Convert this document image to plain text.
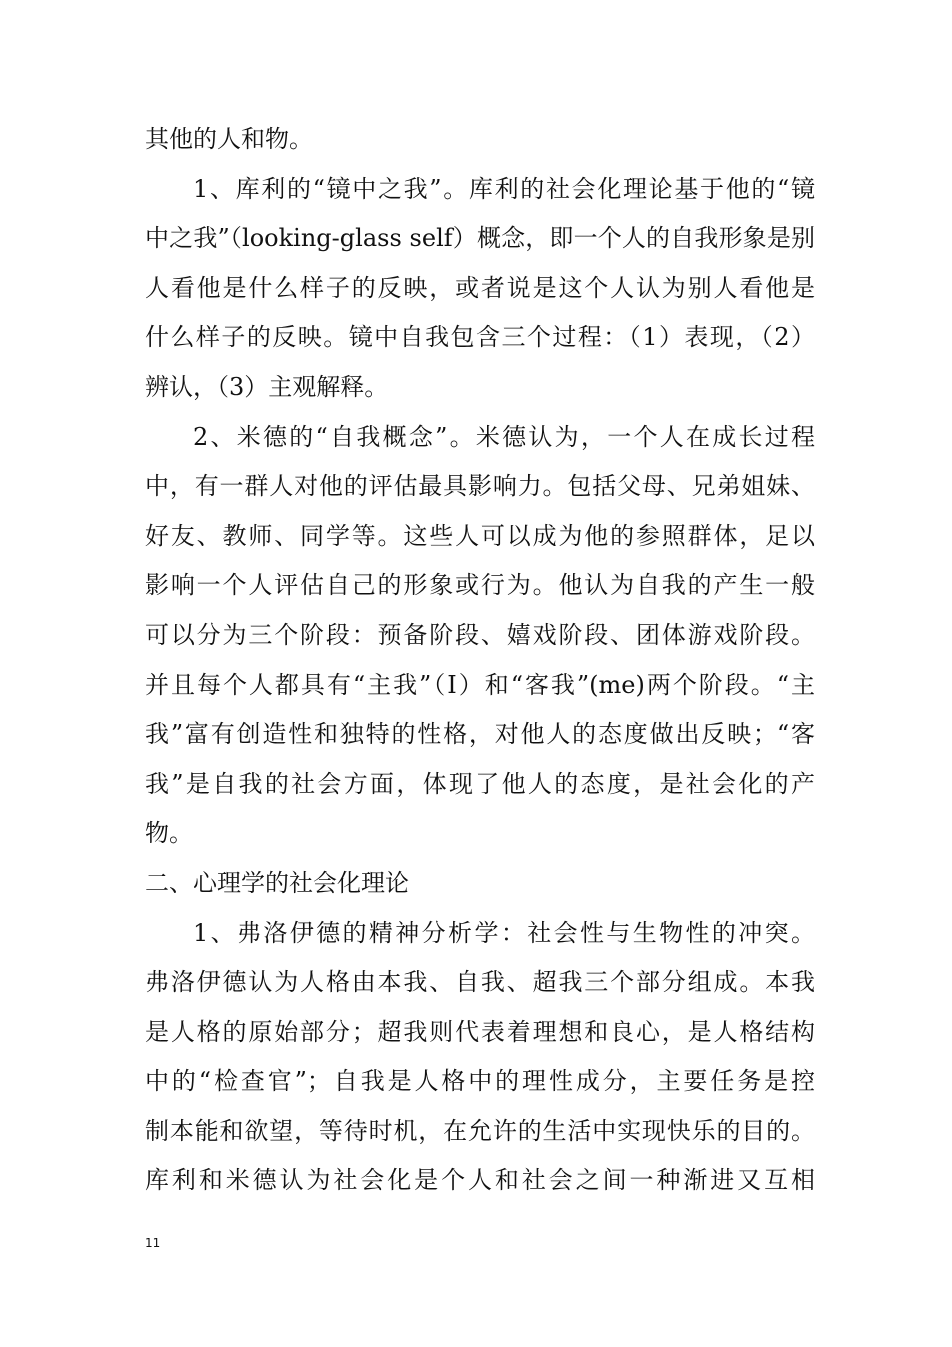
其他的人和物。
1、库利的“镜中之我”。库利的社会化理论基于他的“镜
中之我”（looking-glass self）概念，即一个人的自我形象是别
人看他是什么样子的反映，或者说是这个人认为别人看他是
什么样子的反映。镜中自我包含三个过程：（1）表现，（2）
辨认，（3）主观解释。
2、米德的“自我概念”。米德认为，一个人在成长过程
中，有一群人对他的评估最具影响力。包括父母、兄弟姐妹、
好友、教师、同学等。这些人可以成为他的参照群体，足以
影响一个人评估自己的形象或行为。他认为自我的产生一般
可以分为三个阶段：预备阶段、嬉戏阶段、团体游戏阶段。
并且每个人都具有“主我”（I）和“客我”(me)两个阶段。“主
我”富有创造性和独特的性格，对他人的态度做出反映；“客
我”是自我的社会方面，体现了他人的态度，是社会化的产
物。
二、心理学的社会化理论
1、弗洛伊德的精神分析学：社会性与生物性的冲突。
弗洛伊德认为人格由本我、自我、超我三个部分组成。本我
是人格的原始部分；超我则代表着理想和良心，是人格结构
中的“检查官”；自我是人格中的理性成分，主要任务是控
制本能和欲望，等待时机，在允许的生活中实现快乐的目的。
库利和米德认为社会化是个人和社会之间一种渐进又互相
11
